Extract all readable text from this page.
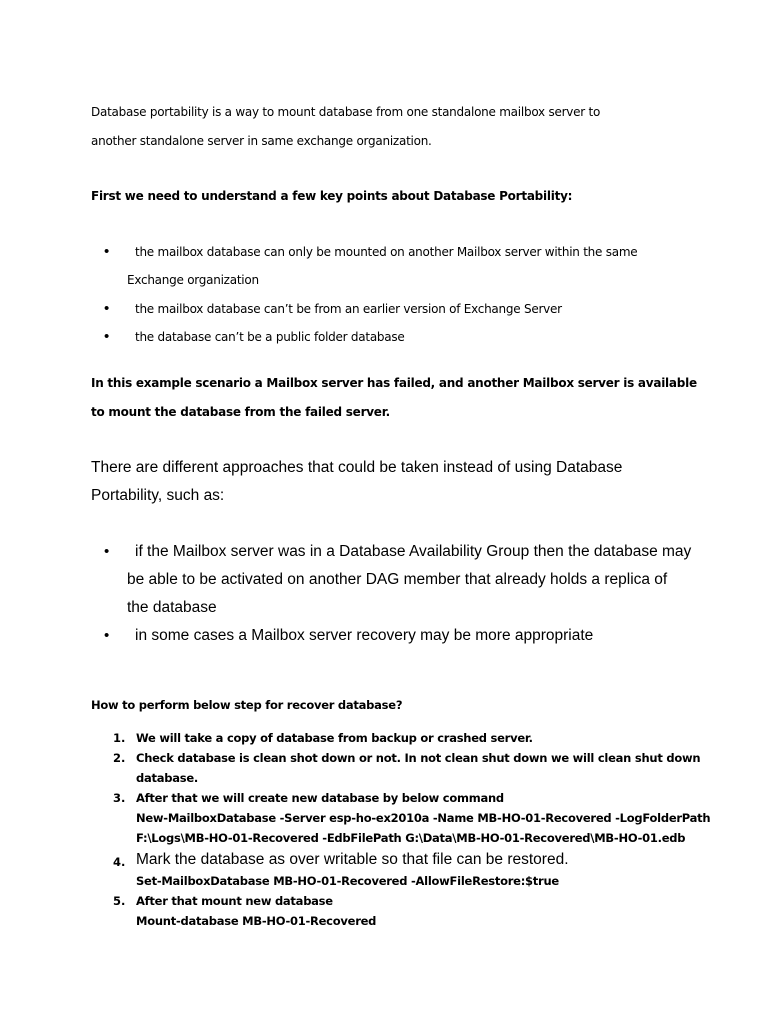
Database portability is a way to mount database from one standalone mailbox server to
another standalone server in same exchange organization.
First we need to understand a few key points about Database Portability:
• the mailbox database can only be mounted on another Mailbox server within the same
Exchange organization
• the mailbox database can’t be from an earlier version of Exchange Server
• the database can’t be a public folder database
In this example scenario a Mailbox server has failed, and another Mailbox server is available
to mount the database from the failed server.
There are different approaches that could be taken instead of using Database
Portability, such as:
• if the Mailbox server was in a Database Availability Group then the database may
be able to be activated on another DAG member that already holds a replica of
the database
• in some cases a Mailbox server recovery may be more appropriate
How to perform below step for recover database?
1. We will take a copy of database from backup or crashed server.
2. Check database is clean shot down or not. In not clean shut down we will clean shut down
database.
3. After that we will create new database by below command
New-MailboxDatabase -Server esp-ho-ex2010a -Name MB-HO-01-Recovered -LogFolderPath
F:\Logs\MB-HO-01-Recovered -EdbFilePath G:\Data\MB-HO-01-Recovered\MB-HO-01.edb
4. Mark the database as over writable so that file can be restored.
Set-MailboxDatabase MB-HO-01-Recovered -AllowFileRestore:$true
5. After that mount new database
Mount-database MB-HO-01-Recovered
